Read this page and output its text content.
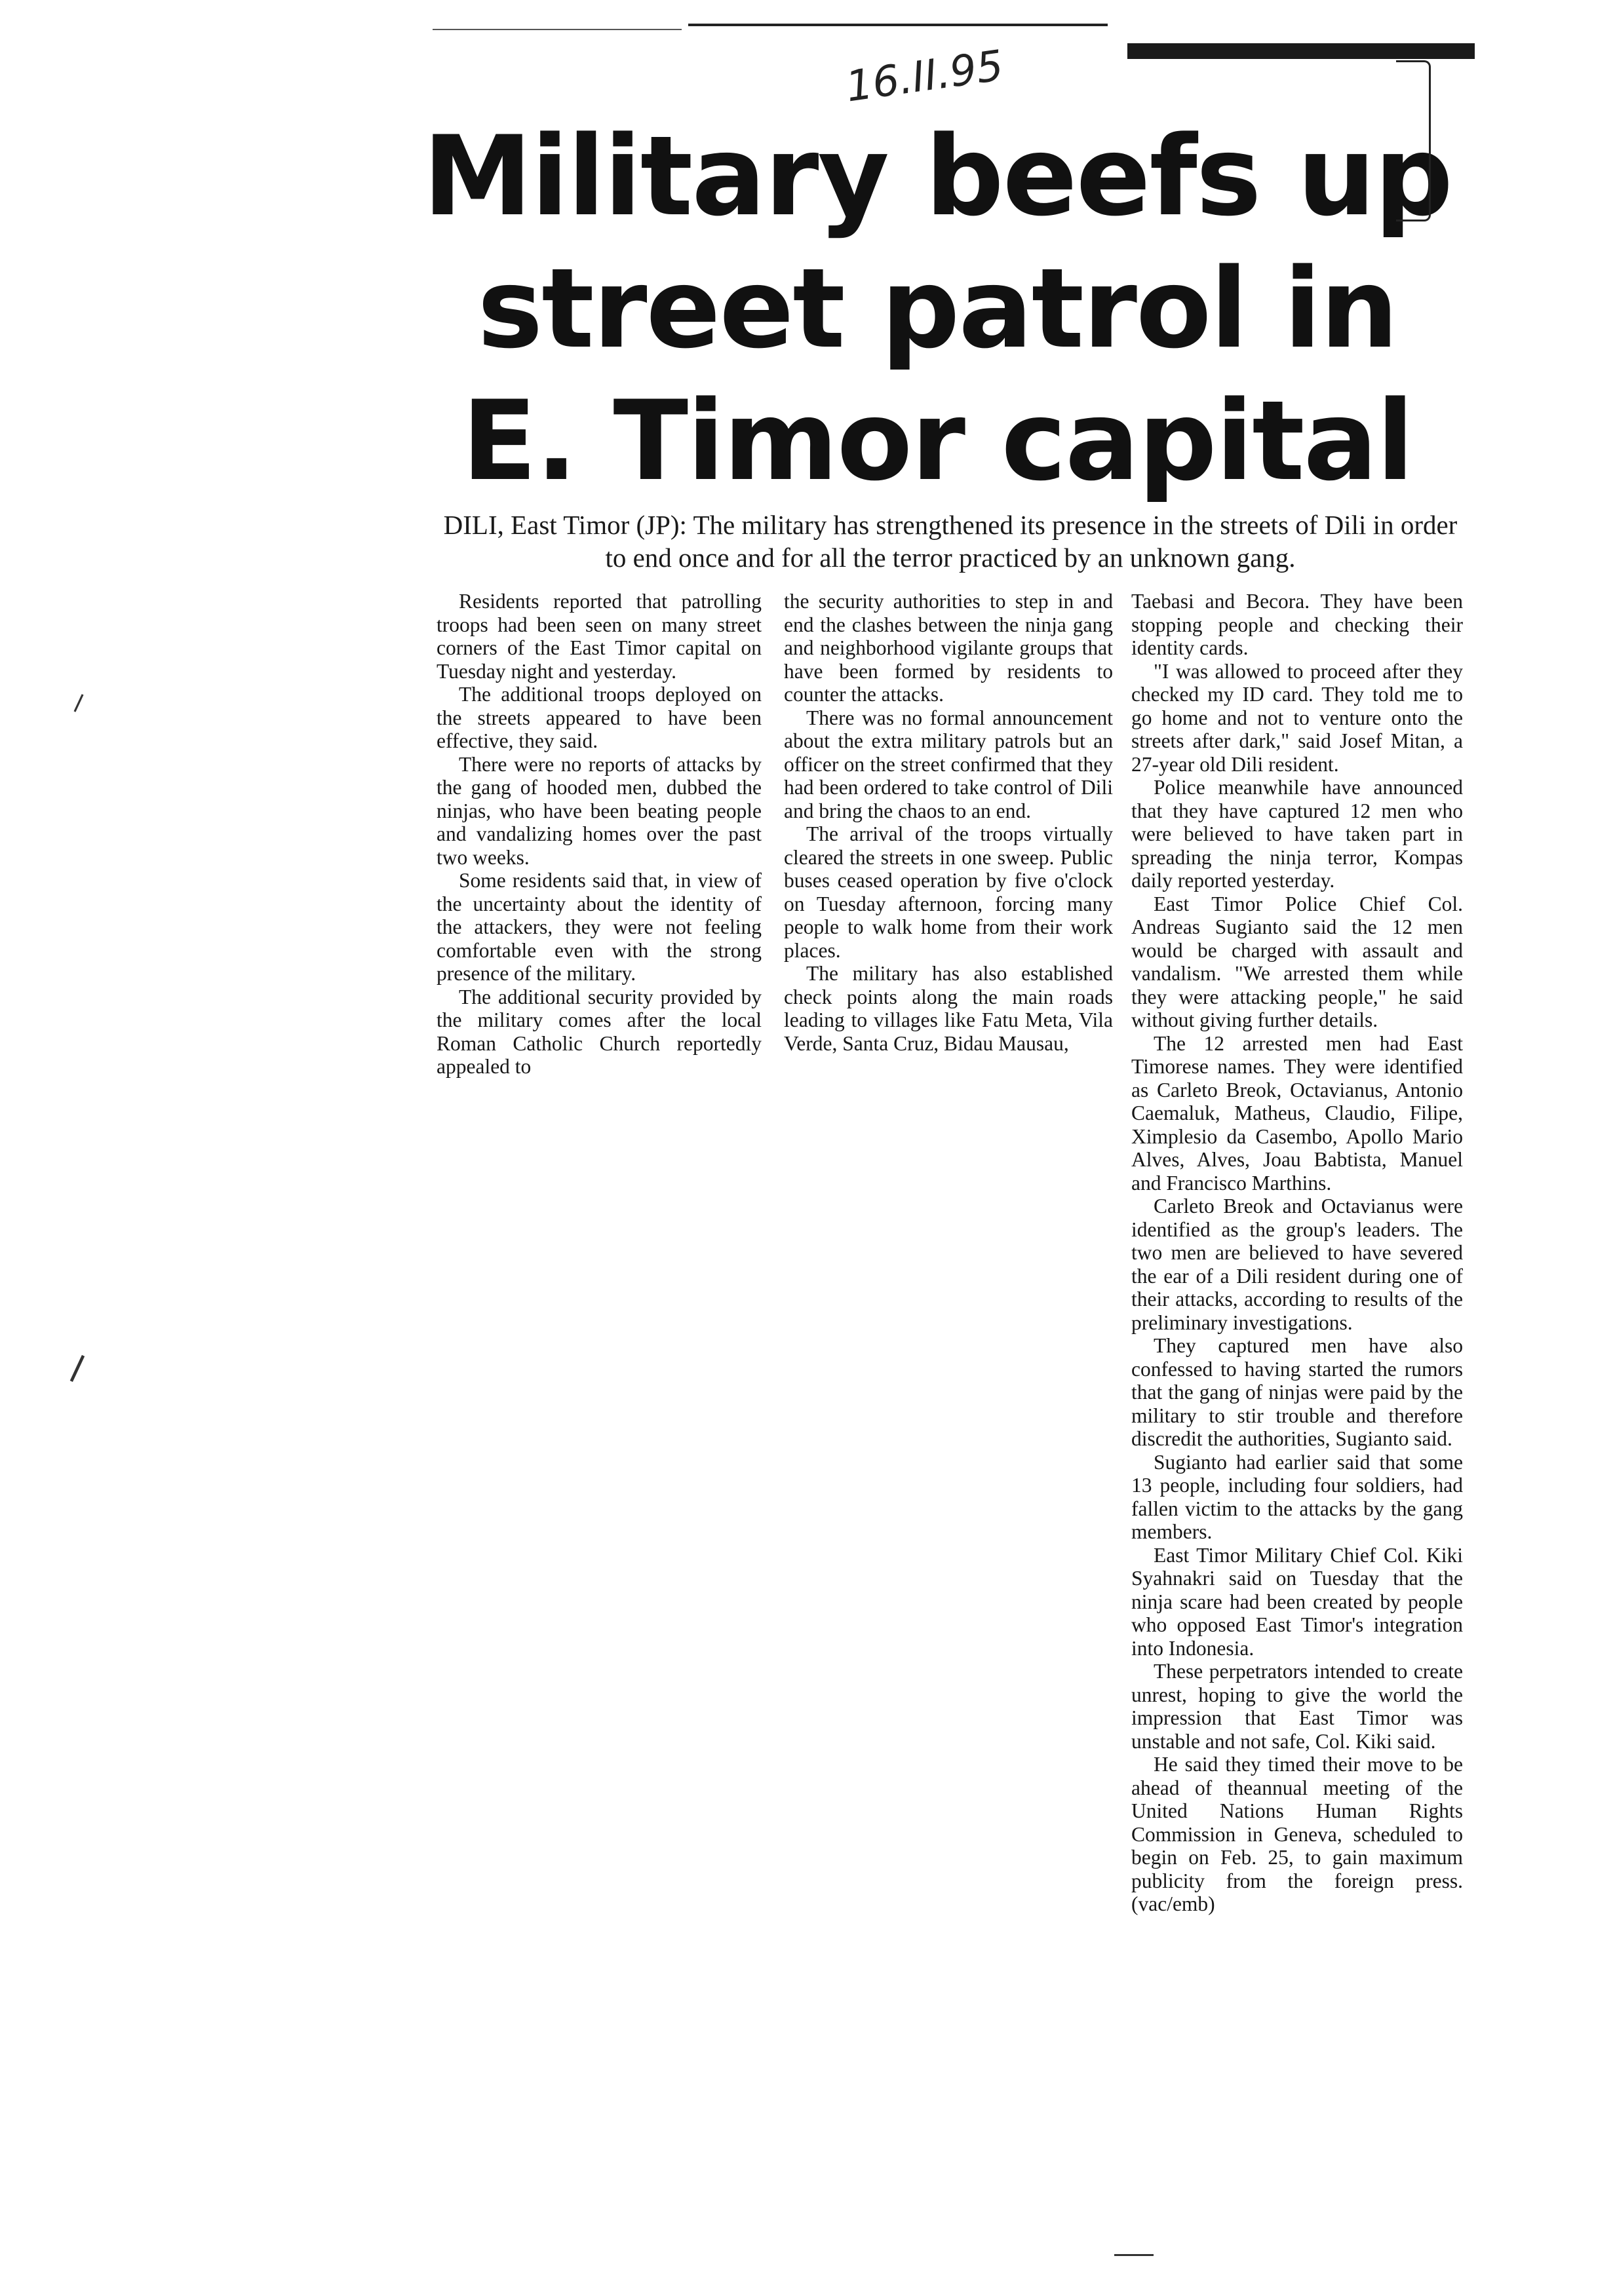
16.II.95
Military beefs up
street patrol in
E. Timor capital

DILI, East Timor (JP): The military has strengthened its presence in the streets of Dili in order to end once and for all the terror practiced by an unknown gang.

Residents reported that patrolling troops had been seen on many street corners of the East Timor capital on Tuesday night and yesterday.

The additional troops deployed on the streets appeared to have been effective, they said.

There were no reports of attacks by the gang of hooded men, dubbed the ninjas, who have been beating people and vandalizing homes over the past two weeks.

Some residents said that, in view of the uncertainty about the identity of the attackers, they were not feeling comfortable even with the strong presence of the military.

The additional security provided by the military comes after the local Roman Catholic Church reportedly appealed to

the security authorities to step in and end the clashes between the ninja gang and neighborhood vigilante groups that have been formed by residents to counter the attacks.

There was no formal announcement about the extra military patrols but an officer on the street confirmed that they had been ordered to take control of Dili and bring the chaos to an end.

The arrival of the troops virtually cleared the streets in one sweep. Public buses ceased operation by five o'clock on Tuesday afternoon, forcing many people to walk home from their work places.

The military has also established check points along the main roads leading to villages like Fatu Meta, Vila Verde, Santa Cruz, Bidau Mausau,

Taebasi and Becora. They have been stopping people and checking their identity cards.

"I was allowed to proceed after they checked my ID card. They told me to go home and not to venture onto the streets after dark," said Josef Mitan, a 27-year old Dili resident.

Police meanwhile have announced that they have captured 12 men who were believed to have taken part in spreading the ninja terror, Kompas daily reported yesterday.

East Timor Police Chief Col. Andreas Sugianto said the 12 men would be charged with assault and vandalism. "We arrested them while they were attacking people," he said without giving further details.

The 12 arrested men had East Timorese names. They were identified as Carleto Breok, Octavianus, Antonio Caemaluk, Matheus, Claudio, Filipe, Ximplesio da Casembo, Apollo Mario Alves, Alves, Joau Babtista, Manuel and Francisco Marthins.

Carleto Breok and Octavianus were identified as the group's leaders. The two men are believed to have severed the ear of a Dili resident during one of their attacks, according to results of the preliminary investigations.

They captured men have also confessed to having started the rumors that the gang of ninjas were paid by the military to stir trouble and therefore discredit the authorities, Sugianto said.

Sugianto had earlier said that some 13 people, including four soldiers, had fallen victim to the attacks by the gang members.

East Timor Military Chief Col. Kiki Syahnakri said on Tuesday that the ninja scare had been created by people who opposed East Timor's integration into Indonesia.

These perpetrators intended to create unrest, hoping to give the world the impression that East Timor was unstable and not safe, Col. Kiki said.

He said they timed their move to be ahead of theannual meeting of the United Nations Human Rights Commission in Geneva, scheduled to begin on Feb. 25, to gain maximum publicity from the foreign press. (vac/emb)

⸍
⸍
